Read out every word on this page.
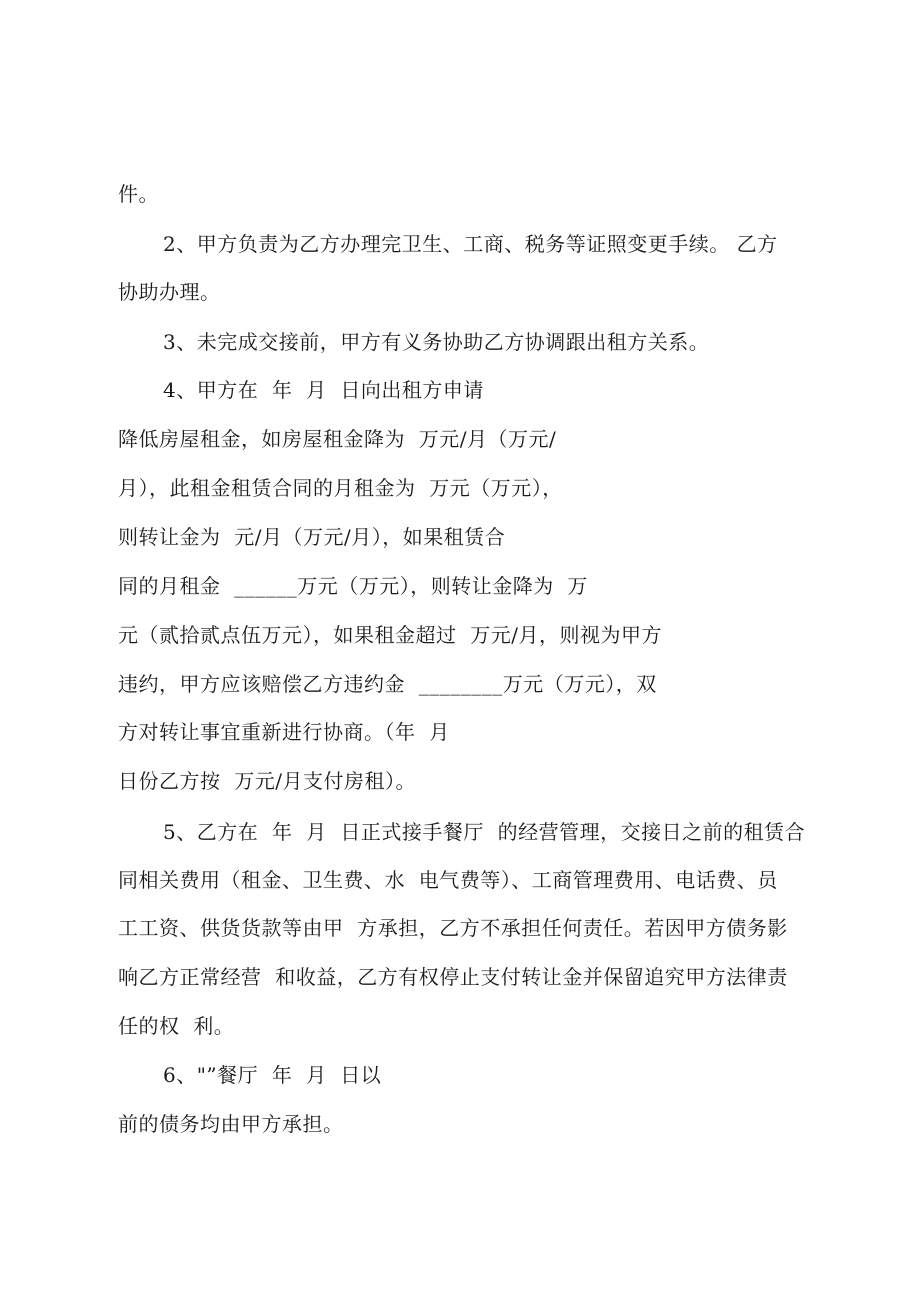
件。
2、甲方负责为乙方办理完卫生、工商、税务等证照变更手续。 乙方
协助办理。
3、未完成交接前，甲方有义务协助乙方协调跟出租方关系。
4、甲方在  年  月  日向出租方申请
降低房屋租金，如房屋租金降为  万元/月（万元/
月），此租金租赁合同的月租金为  万元（万元），
则转让金为  元/月（万元/月），如果租赁合
同的月租金  ______万元（万元），则转让金降为  万
元（贰拾贰点伍万元），如果租金超过  万元/月，则视为甲方
违约，甲方应该赔偿乙方违约金  ________万元（万元），双
方对转让事宜重新进行协商。（年  月
日份乙方按  万元/月支付房租）。
5、乙方在  年  月  日正式接手餐厅  的经营管理，交接日之前的租赁合
同相关费用（租金、卫生费、水  电气费等）、工商管理费用、电话费、员
工工资、供货货款等由甲  方承担，乙方不承担任何责任。若因甲方债务影
响乙方正常经营  和收益，乙方有权停止支付转让金并保留追究甲方法律责
任的权  利。
6、"”餐厅  年  月  日以
前的债务均由甲方承担。
